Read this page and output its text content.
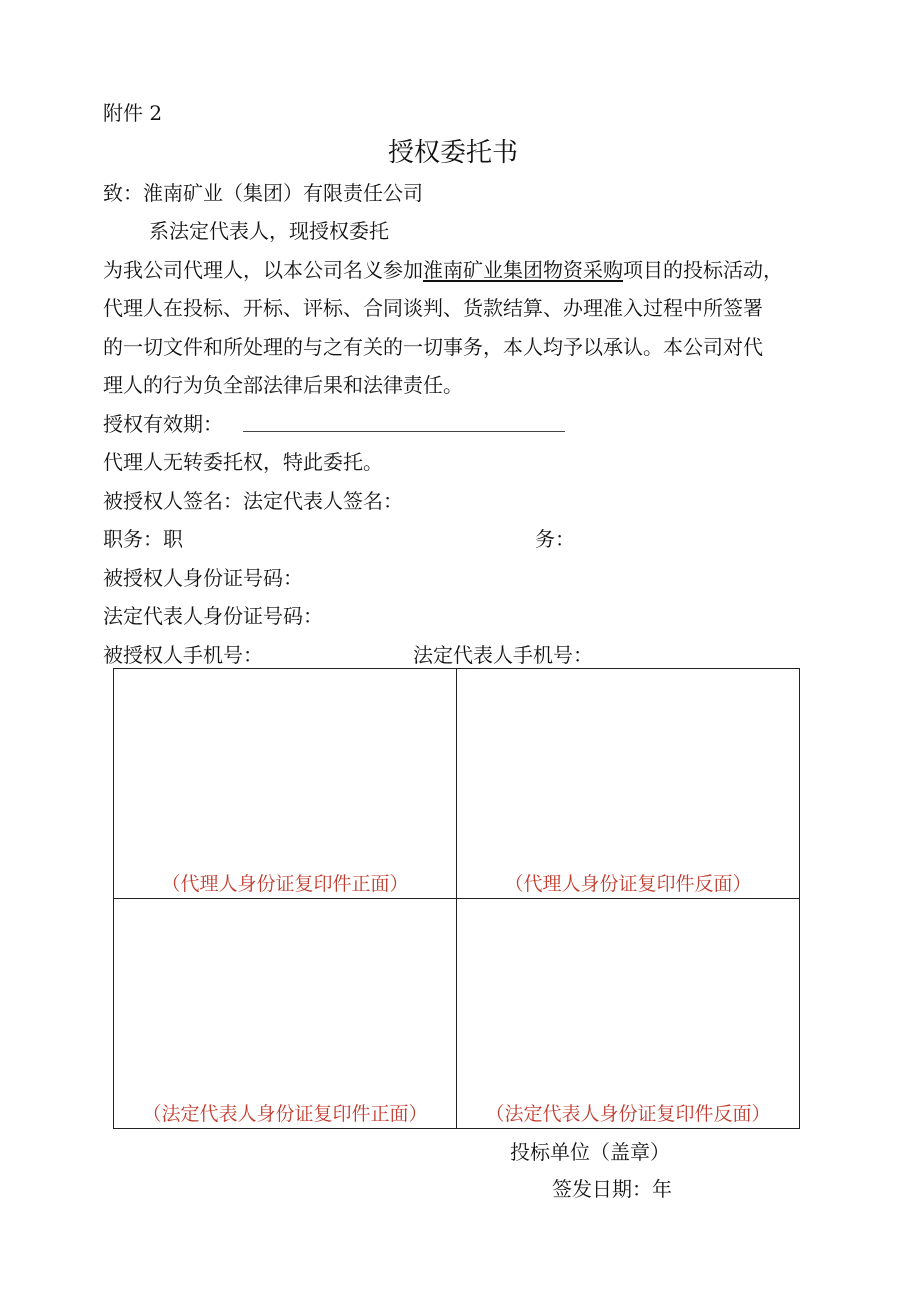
附件 2
授权委托书
致：淮南矿业（集团）有限责任公司
系法定代表人，现授权委托
为我公司代理人，以本公司名义参加淮南矿业集团物资采购项目的投标活动，
代理人在投标、开标、评标、合同谈判、货款结算、办理准入过程中所签署
的一切文件和所处理的与之有关的一切事务，本人均予以承认。本公司对代
理人的行为负全部法律后果和法律责任。
授权有效期：
代理人无转委托权，特此委托。
被授权人签名：法定代表人签名：
职务：职	务：
被授权人身份证号码：
法定代表人身份证号码：
被授权人手机号：	法定代表人手机号：
（代理人身份证复印件正面）	（代理人身份证复印件反面）
（法定代表人身份证复印件正面）	（法定代表人身份证复印件反面）
投标单位（盖章）
签发日期：年
